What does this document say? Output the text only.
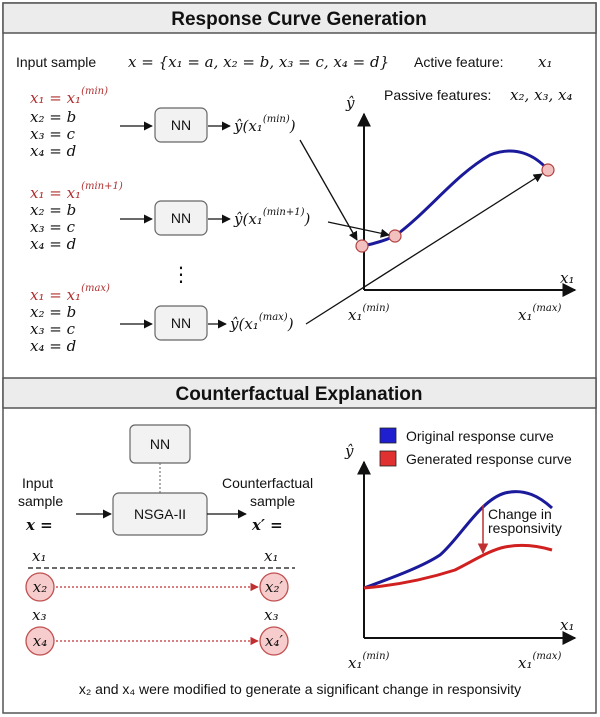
Response Curve Generation
Input sample x = {x₁ = a, x₂ = b, x₃ = c, x₄ = d} Active feature: x₁
Passive features: x₂, x₃, x₄
x₁ = x₁$^{(min)}$
x₂ = b
x₃ = c
x₄ = d
NN	ŷ(x₁$^{(min)}$)
x₁ = x₁$^{(min+1)}$
x₂ = b
x₃ = c
x₄ = d
NN	ŷ(x₁$^{(min+1)}$)
⋮
x₁ = x₁$^{(max)}$
x₂ = b
x₃ = c
x₄ = d
NN	ŷ(x₁$^{(max)}$)
ŷ
x₁
x₁$^{(min)}$	x₁$^{(max)}$
Counterfactual Explanation
NN
NSGA-II
Input
sample
x =
Counterfactual
sample
x′ =
x₁	x₁
x₂	x₂′
x₃	x₃
x₄	x₄′
Original response curve
Generated response curve
ŷ
x₁
x₁$^{(min)}$	x₁$^{(max)}$
Change in
responsivity
x₂ and x₄ were modified to generate a significant change in responsivity
